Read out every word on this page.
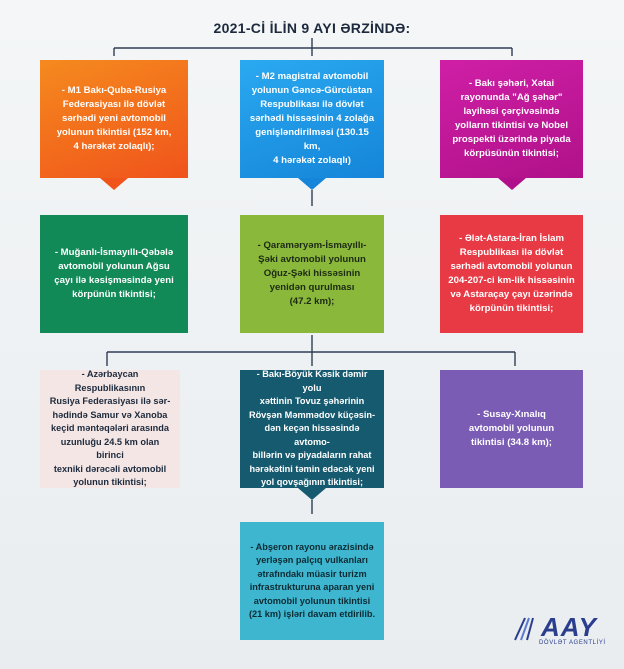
2021-Cİ İLİN 9 AYI ƏRZİNDƏ:
- M1 Bakı-Quba-Rusiya
Federasiyası ilə dövlət
sərhədi yeni avtomobil
yolunun tikintisi (152 km,
4 hərəkət zolaqlı);
- M2 magistral avtomobil
yolunun Gəncə-Gürcüstan
Respublikası ilə dövlət
sərhədi hissəsinin 4 zolağa
genişləndirilməsi (130.15 km,
4 hərəkət zolaqlı)
- Bakı şəhəri, Xətai
rayonunda "Ağ şəhər"
layihəsi çərçivəsində
yolların tikintisi və Nobel
prospekti üzərində piyada
körpüsünün tikintisi;
- Muğanlı-İsmayıllı-Qəbələ
avtomobil yolunun Ağsu
çayı ilə kəsişməsində yeni
körpünün tikintisi;
- Qaraməryəm-İsmayıllı-
Şəki avtomobil yolunun
Oğuz-Şəki hissəsinin
yenidən qurulması
(47.2 km);
- Ələt-Astara-İran İslam
Respublikası ilə dövlət
sərhədi avtomobil yolunun
204-207-ci km-lik hissəsinin
və Astaraçay çayı üzərində
körpünün tikintisi;
- Azərbaycan Respublikasının
Rusiya Federasiyası ilə sər-
hədində Samur və Xanoba
keçid məntəqələri arasında
uzunluğu 24.5 km olan birinci
texniki dərəcəli avtomobil
yolunun tikintisi;
- Bakı-Böyük Kəsik dəmir yolu
xəttinin Tovuz şəhərinin
Rövşən Məmmədov küçəsin-
dən keçən hissəsində avtomo-
billərin və piyadaların rahat
hərəkətini təmin edəcək yeni
yol qovşağının tikintisi;
- Susay-Xınalıq
avtomobil yolunun
tikintisi (34.8 km);
- Abşeron rayonu ərazisində
yerləşən palçıq vulkanları
ətrafındakı müasir turizm
infrastrukturuna aparan yeni
avtomobil yolunun tikintisi
(21 km) işləri davam etdirilib.	AAY
DÖVLƏT AGENTLİYİ
